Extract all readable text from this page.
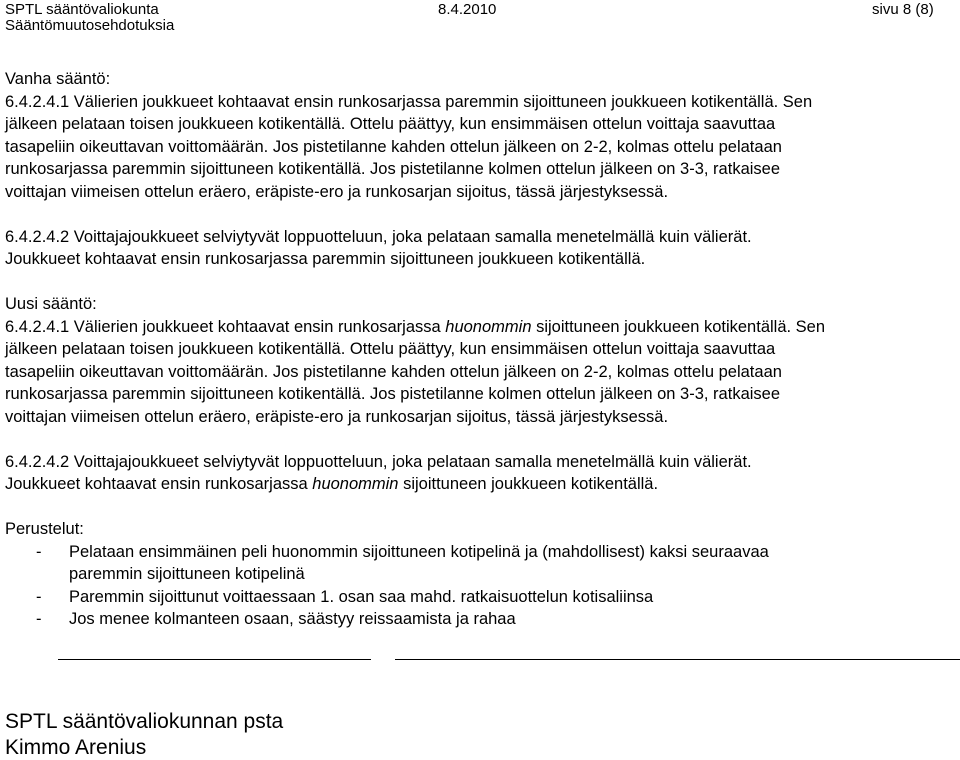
SPTL sääntövaliokunta
Sääntömuutosehdotuksia
8.4.2010	sivu 8 (8)

Vanha sääntö:

6.4.2.4.1 Välierien joukkueet kohtaavat ensin runkosarjassa paremmin sijoittuneen joukkueen kotikentällä. Sen

jälkeen pelataan toisen joukkueen kotikentällä. Ottelu päättyy, kun ensimmäisen ottelun voittaja saavuttaa

tasapeliin oikeuttavan voittomäärän. Jos pistetilanne kahden ottelun jälkeen on 2-2, kolmas ottelu pelataan

runkosarjassa paremmin sijoittuneen kotikentällä. Jos pistetilanne kolmen ottelun jälkeen on 3-3, ratkaisee

voittajan viimeisen ottelun eräero, eräpiste-ero ja runkosarjan sijoitus, tässä järjestyksessä.

6.4.2.4.2 Voittajajoukkueet selviytyvät loppuotteluun, joka pelataan samalla menetelmällä kuin välierät.

Joukkueet kohtaavat ensin runkosarjassa paremmin sijoittuneen joukkueen kotikentällä.

Uusi sääntö:

6.4.2.4.1 Välierien joukkueet kohtaavat ensin runkosarjassa huonommin sijoittuneen joukkueen kotikentällä. Sen

jälkeen pelataan toisen joukkueen kotikentällä. Ottelu päättyy, kun ensimmäisen ottelun voittaja saavuttaa

tasapeliin oikeuttavan voittomäärän. Jos pistetilanne kahden ottelun jälkeen on 2-2, kolmas ottelu pelataan

runkosarjassa paremmin sijoittuneen kotikentällä. Jos pistetilanne kolmen ottelun jälkeen on 3-3, ratkaisee

voittajan viimeisen ottelun eräero, eräpiste-ero ja runkosarjan sijoitus, tässä järjestyksessä.

6.4.2.4.2 Voittajajoukkueet selviytyvät loppuotteluun, joka pelataan samalla menetelmällä kuin välierät.

Joukkueet kohtaavat ensin runkosarjassa huonommin sijoittuneen joukkueen kotikentällä.

Perustelut:

- Pelataan ensimmäinen peli huonommin sijoittuneen kotipelinä ja (mahdollisest) kaksi seuraavaa
paremmin sijoittuneen kotipelinä
- Paremmin sijoittunut voittaessaan 1. osan saa mahd. ratkaisuottelun kotisaliinsa
- Jos menee kolmanteen osaan, säästyy reissaamista ja rahaa
SPTL sääntövaliokunnan psta
Kimmo Arenius
